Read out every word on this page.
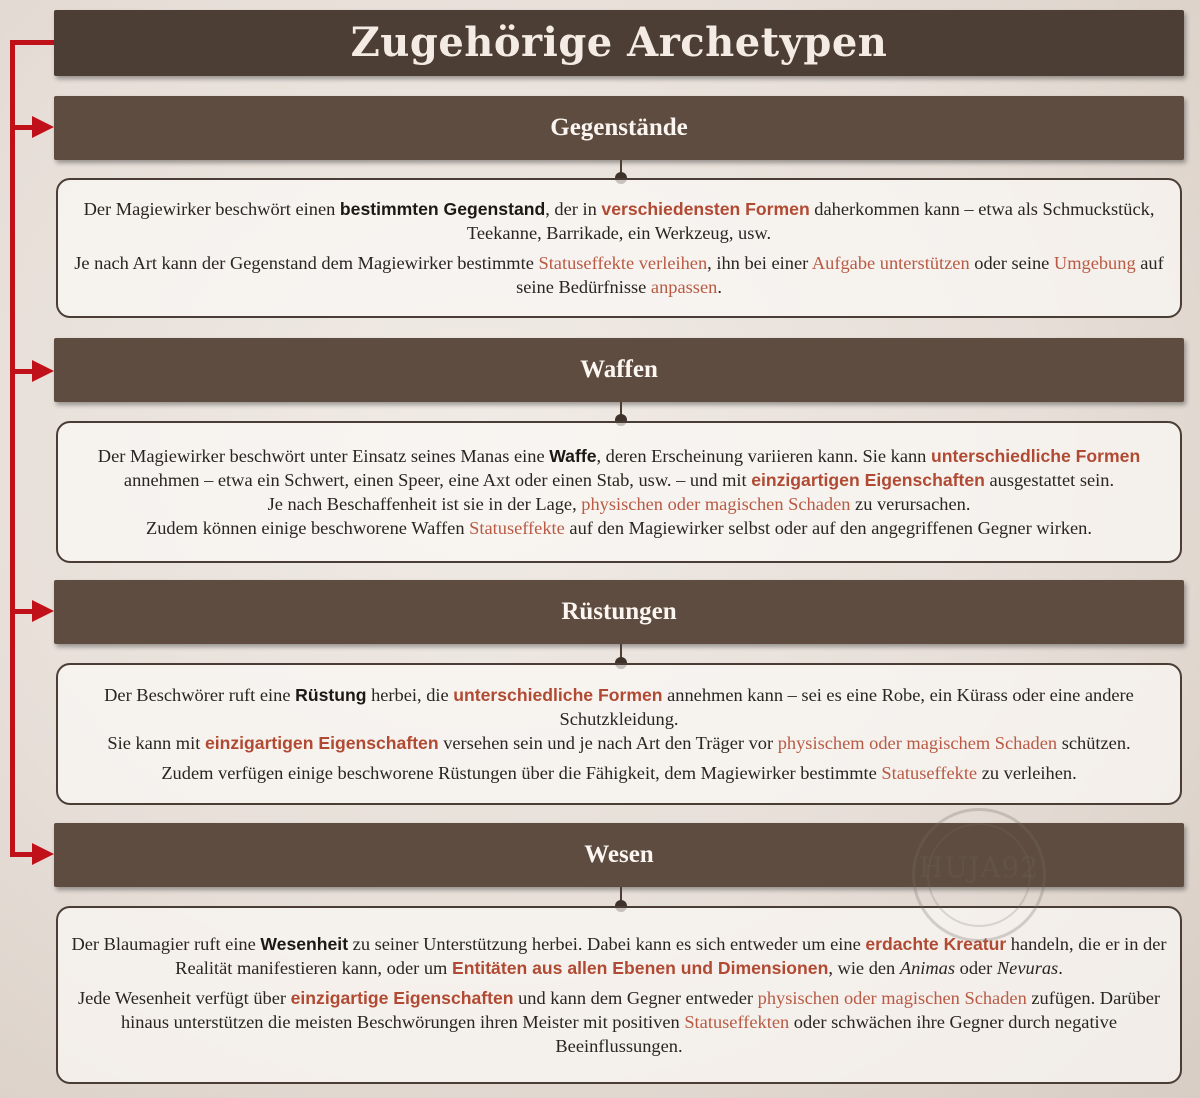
Zugehörige Archetypen
Gegenstände

Der Magiewirker beschwört einen bestimmten Gegenstand, der in verschiedensten Formen daherkommen kann – etwa als Schmuckstück, Teekanne, Barrikade, ein Werkzeug, usw.

Je nach Art kann der Gegenstand dem Magiewirker bestimmte Statuseffekte verleihen, ihn bei einer Aufgabe unterstützen oder seine Umgebung auf seine Bedürfnisse anpassen.

Waffen

Der Magiewirker beschwört unter Einsatz seines Manas eine Waffe, deren Erscheinung variieren kann. Sie kann unterschiedliche Formen annehmen – etwa ein Schwert, einen Speer, eine Axt oder einen Stab, usw. – und mit einzigartigen Eigenschaften ausgestattet sein.

Je nach Beschaffenheit ist sie in der Lage, physischen oder magischen Schaden zu verursachen.

Zudem können einige beschworene Waffen Statuseffekte auf den Magiewirker selbst oder auf den angegriffenen Gegner wirken.

Rüstungen

Der Beschwörer ruft eine Rüstung herbei, die unterschiedliche Formen annehmen kann – sei es eine Robe, ein Kürass oder eine andere Schutzkleidung.

Sie kann mit einzigartigen Eigenschaften versehen sein und je nach Art den Träger vor physischem oder magischem Schaden schützen.

Zudem verfügen einige beschworene Rüstungen über die Fähigkeit, dem Magiewirker bestimmte Statuseffekte zu verleihen.

Wesen

Der Blaumagier ruft eine Wesenheit zu seiner Unterstützung herbei. Dabei kann es sich entweder um eine erdachte Kreatur handeln, die er in der Realität manifestieren kann, oder um Entitäten aus allen Ebenen und Dimensionen, wie den Animas oder Nevuras.

Jede Wesenheit verfügt über einzigartige Eigenschaften und kann dem Gegner entweder physischen oder magischen Schaden zufügen. Darüber hinaus unterstützen die meisten Beschwörungen ihren Meister mit positiven Statuseffekten oder schwächen ihre Gegner durch negative Beeinflussungen.

HUJA92
